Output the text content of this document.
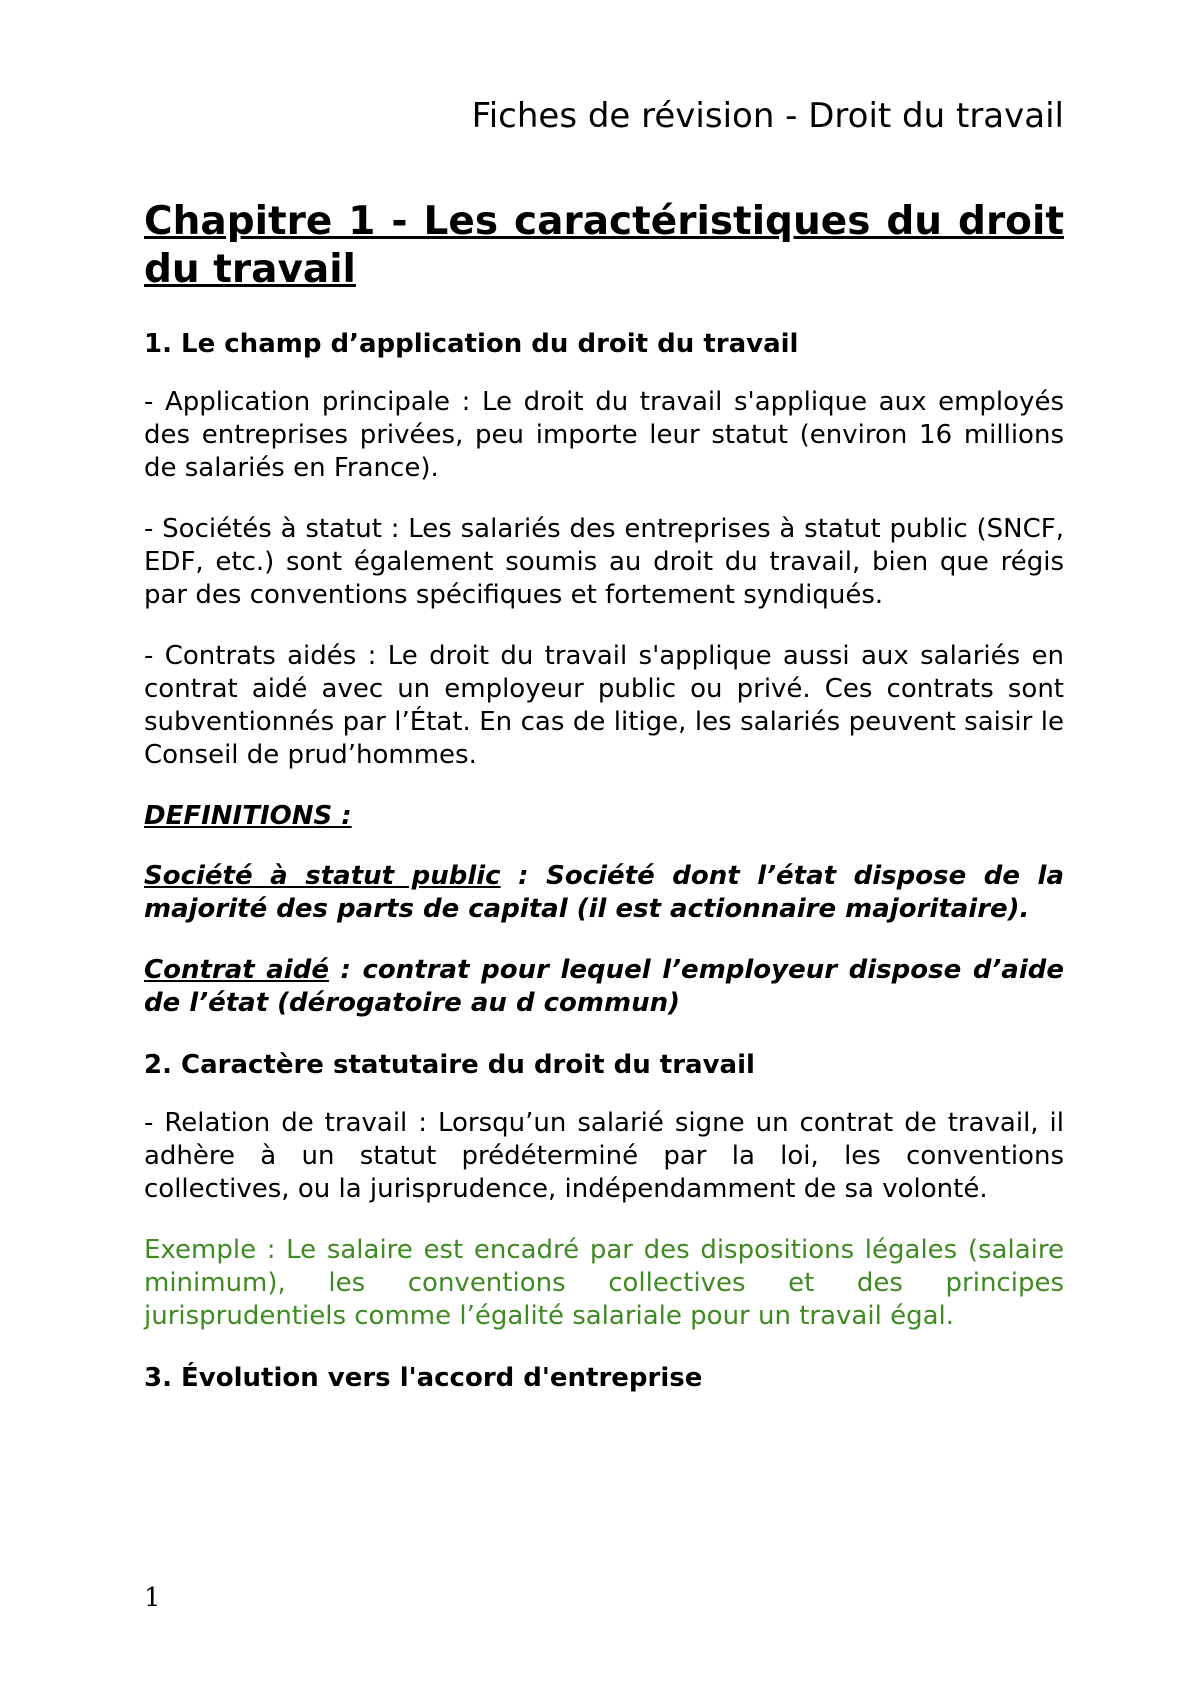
Fiches de révision - Droit du travail
Chapitre 1 - Les caractéristiques du droit du travail
1. Le champ d’application du droit du travail

- Application principale : Le droit du travail s'applique aux employés des entreprises privées, peu importe leur statut (environ 16 millions de salariés en France).

- Sociétés à statut : Les salariés des entreprises à statut public (SNCF, EDF, etc.) sont également soumis au droit du travail, bien que régis par des conventions spécifiques et fortement syndiqués.

- Contrats aidés : Le droit du travail s'applique aussi aux salariés en contrat aidé avec un employeur public ou privé. Ces contrats sont subventionnés par l’État. En cas de litige, les salariés peuvent saisir le Conseil de prud’hommes.

DEFINITIONS :

Société à statut public : Société dont l’état dispose de la majorité des parts de capital (il est actionnaire majoritaire).

Contrat aidé : contrat pour lequel l’employeur dispose d’aide de l’état (dérogatoire au d commun)

2. Caractère statutaire du droit du travail

- Relation de travail : Lorsqu’un salarié signe un contrat de travail, il adhère à un statut prédéterminé par la loi, les conventions collectives, ou la jurisprudence, indépendamment de sa volonté.

Exemple : Le salaire est encadré par des dispositions légales (salaire minimum), les conventions collectives et des principes jurisprudentiels comme l’égalité salariale pour un travail égal.

3. Évolution vers l'accord d'entreprise
1
